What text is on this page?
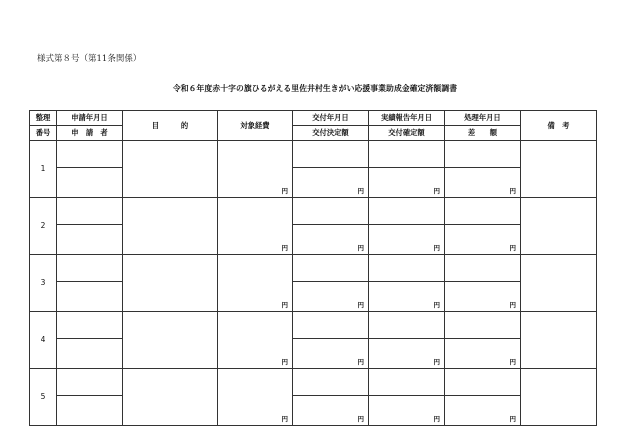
様式第８号（第11条関係）
令和６年度赤十字の旗ひるがえる里佐井村生きがい応援事業助成金確定済額調書
整理	申請年月日	目　　　的	対象経費	交付年月日	実績報告年月日	処理年月日	備　考
番号	申　請　者			交付決定額	交付確定額	差　　額	
1			円				
				円	円	円	
2			円				
				円	円	円	
3			円				
				円	円	円	
4			円				
				円	円	円	
5			円				
				円	円	円	
